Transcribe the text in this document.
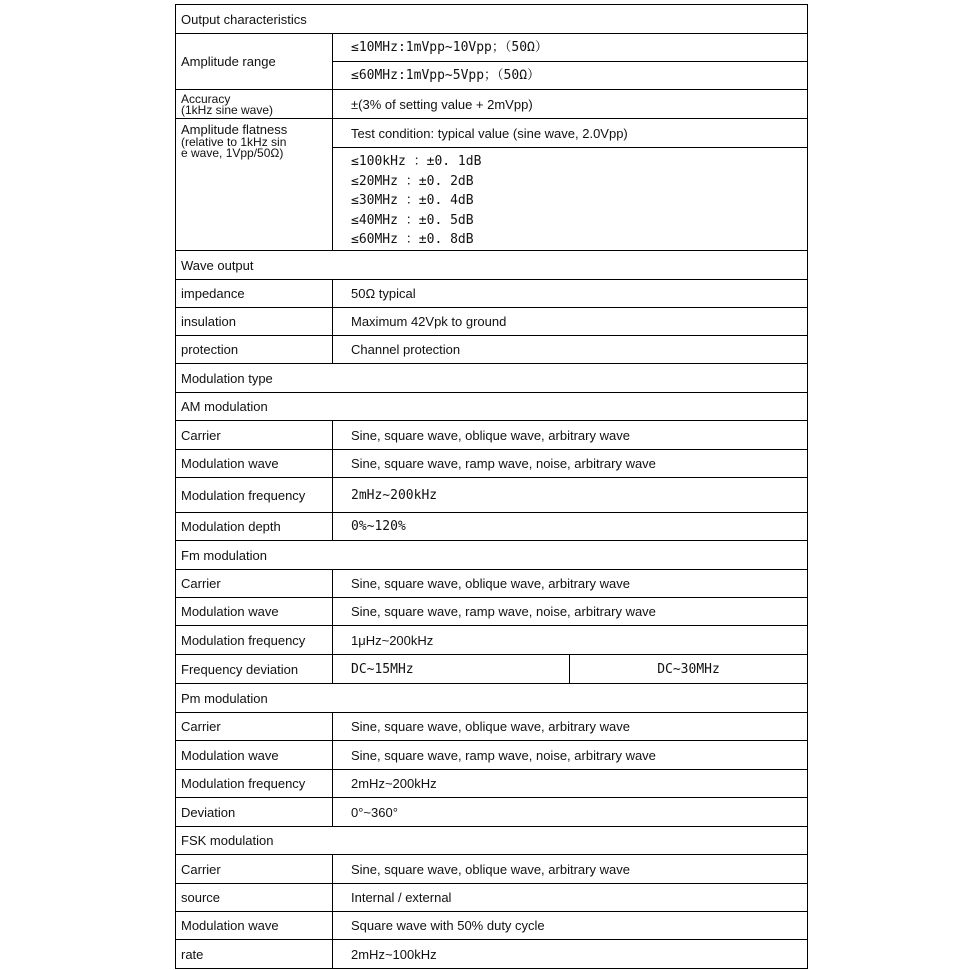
Output characteristics		
Amplitude range	≤10MHz:1mVpp~10Vpp；（50Ω）	
	≤60MHz:1mVpp~5Vpp；（50Ω）	

Accuracy
(1kHz sine wave)	±(3% of setting value + 2mVpp)	

Amplitude flatness
(relative to 1kHz sin
e wave, 1Vpp/50Ω)	Test condition: typical value (sine wave, 2.0Vpp)	

	≤100kHz ：±0. 1dB
≤20MHz ：±0. 2dB
≤30MHz ：±0. 4dB
≤40MHz ：±0. 5dB
≤60MHz ：±0. 8dB	

Wave output		
impedance	50Ω typical	
insulation	Maximum 42Vpk to ground	
protection	Channel protection	
Modulation type		
AM modulation		
Carrier	Sine, square wave, oblique wave, arbitrary wave	
Modulation wave	Sine, square wave, ramp wave, noise, arbitrary wave	
Modulation frequency	2mHz~200kHz	
Modulation depth	0%~120%	
Fm modulation		
Carrier	Sine, square wave, oblique wave, arbitrary wave	
Modulation wave	Sine, square wave, ramp wave, noise, arbitrary wave	
Modulation frequency	1μHz~200kHz	
Frequency deviation	DC~15MHz	DC~30MHz
Pm modulation		
Carrier	Sine, square wave, oblique wave, arbitrary wave	
Modulation wave	Sine, square wave, ramp wave, noise, arbitrary wave	
Modulation frequency	2mHz~200kHz	
Deviation	0°~360°	
FSK modulation		
Carrier	Sine, square wave, oblique wave, arbitrary wave	
source	Internal / external	
Modulation wave	Square wave with 50% duty cycle	
rate	2mHz~100kHz	
